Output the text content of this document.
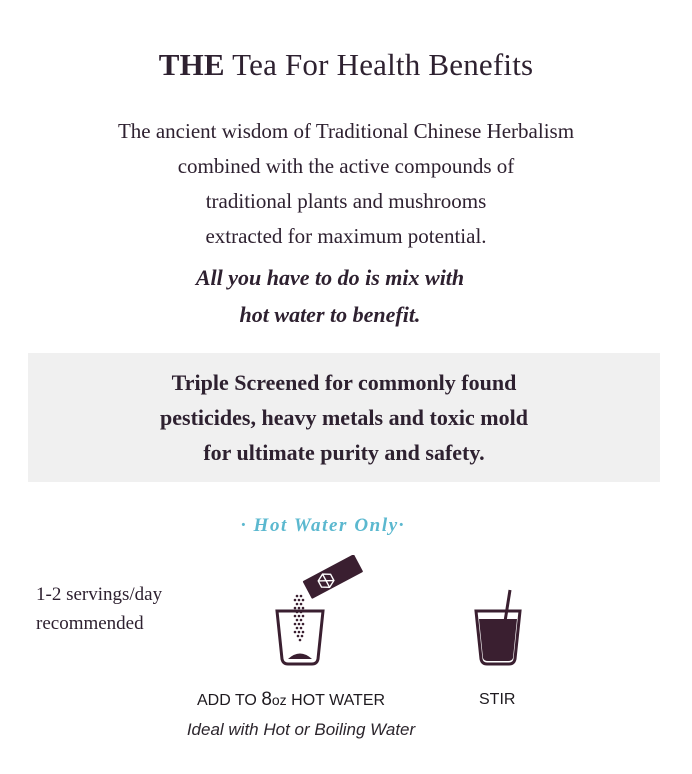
THE Tea For Health Benefits
The ancient wisdom of Traditional Chinese Herbalism
combined with the active compounds of
traditional plants and mushrooms
extracted for maximum potential.
All you have to do is mix with
hot water to benefit.
Triple Screened for commonly found
pesticides, heavy metals and toxic mold
for ultimate purity and safety.
· Hot Water Only·
1-2 servings/day
recommended
ADD TO 8oz HOT WATER	STIR
Ideal with Hot or Boiling Water
